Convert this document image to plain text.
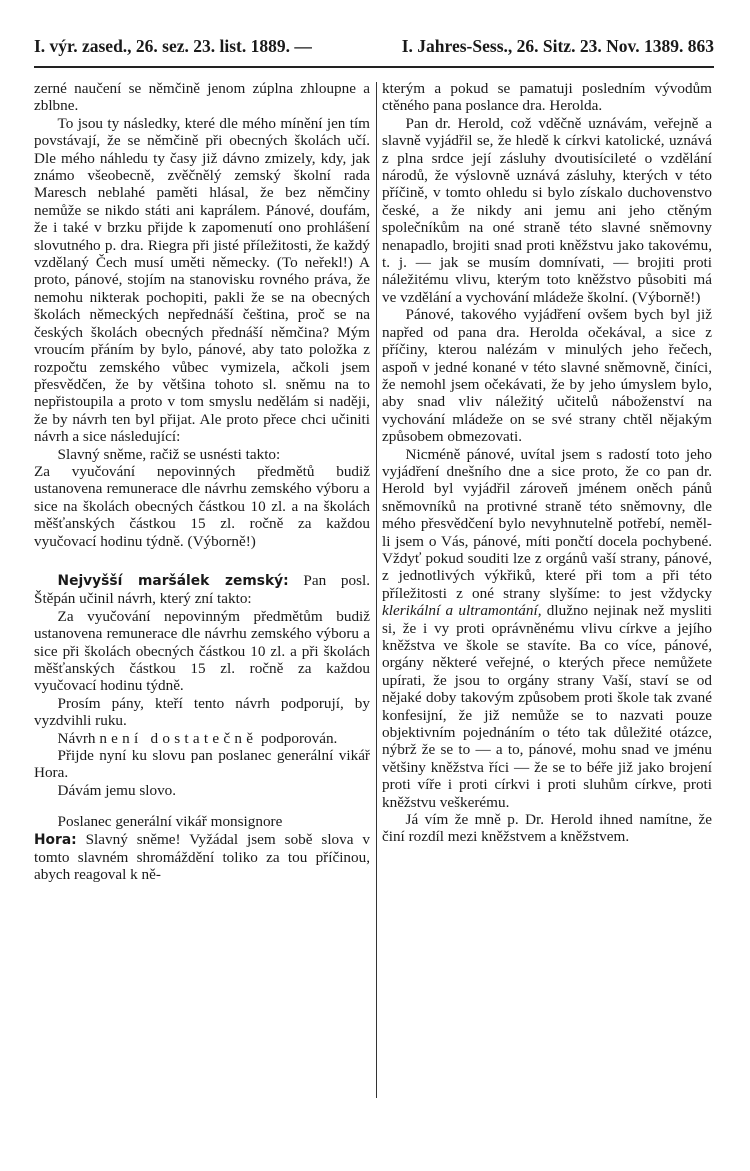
I. výr. zased., 26. sez. 23. list. 1889. —	I. Jahres-Sess., 26. Sitz. 23. Nov. 1389. 863

zerné naučení se němčině jenom zúplna zhloupne a zblbne.

To jsou ty následky, které dle mého mínění jen tím povstávají, že se němčině při obecných školách učí. Dle mého náhledu ty časy již dávno zmizely, kdy, jak známo všeobecně, zvěčnělý zemský školní rada Maresch neblahé paměti hlásal, že bez němčiny nemůže se nikdo státi ani kaprálem. Pánové, doufám, že i také v brzku přijde k zapomenutí ono prohlášení slovutného p. dra. Riegra při jisté příležitosti, že každý vzdělaný Čech musí uměti německy. (To neřekl!) A proto, pánové, stojím na stanovisku rovného práva, že nemohu nikterak pochopiti, pakli že se na obecných školách německých nepřednáší čeština, proč se na českých školách obecných přednáší němčina? Mým vroucím přáním by bylo, pánové, aby tato položka z rozpočtu zemského vůbec vymizela, ačkoli jsem přesvědčen, že by většina tohoto sl. sněmu na to nepřistoupila a proto v tom smyslu nedělám si naději, že by návrh ten byl přijat. Ale proto přece chci učiniti návrh a sice následující:

Slavný sněme, račiž se usnésti takto:

Za vyučování nepovinných předmětů budiž ustanovena remunerace dle návrhu zemského výboru a sice na školách obecných částkou 10 zl. a na školách měšťanských částkou 15 zl. ročně za každou vyučovací hodinu týdně. (Výborně!)

Nejvyšší maršálek zemský: Pan posl. Štěpán učinil návrh, který zní takto:

Za vyučování nepovinným předmětům budiž ustanovena remunerace dle návrhu zemského výboru a sice při školách obecných částkou 10 zl. a při školách měšťanských částkou 15 zl. ročně za každou vyučovací hodinu týdně.

Prosím pány, kteří tento návrh podporují, by vyzdvihli ruku.

Návrh není dostatečně podporován.

Přijde nyní ku slovu pan poslanec generální vikář Hora.

Dávám jemu slovo.

Poslanec generální vikář monsignore
Hora: Slavný sněme! Vyžádal jsem sobě slova v tomto slavném shromáždění toliko za tou příčinou, abych reagoval k ně-

kterým a pokud se pamatuji posledním vývodům ctěného pana poslance dra. Herolda.

Pan dr. Herold, což vděčně uznávám, veřejně a slavně vyjádřil se, že hledě k církvi katolické, uznává z plna srdce její zásluhy dvoutisícileté o vzdělání národů, že výslovně uznává zásluhy, kterých v této příčině, v tomto ohledu si bylo získalo duchovenstvo české, a že nikdy ani jemu ani jeho ctěným společníkům na oné straně této slavné sněmovny nenapadlo, brojiti snad proti kněžstvu jako takovému, t. j. — jak se musím domnívati, — brojiti proti náležitému vlivu, kterým toto kněžstvo působiti má ve vzdělání a vychování mládeže školní. (Výborně!)

Pánové, takového vyjádření ovšem bych byl již napřed od pana dra. Herolda očekával, a sice z příčiny, kterou nalézám v minulých jeho řečech, aspoň v jedné konané v této slavné sněmovně, činíci, že nemohl jsem očekávati, že by jeho úmyslem bylo, aby snad vliv náležitý učitelů náboženství na vychování mládeže on se své strany chtěl nějakým způsobem obmezovati.

Nicméně pánové, uvítal jsem s radostí toto jeho vyjádření dnešního dne a sice proto, že co pan dr. Herold byl vyjádřil zároveň jménem oněch pánů sněmovníků na protivné straně této sněmovny, dle mého přesvědčení bylo nevyhnutelně potřebí, neměl-li jsem o Vás, pánové, míti pončtí docela pochybené. Vždyť pokud souditi lze z orgánů vaší strany, pánové, z jednotlivých výkřiků, které při tom a při této příležitosti z oné strany slyšíme: to jest vždycky klerikální a ultramontání, dlužno nejinak než mysliti si, že i vy proti oprávněnému vlivu církve a jejího kněžstva ve škole se stavíte. Ba co více, pánové, orgány některé veřejné, o kterých přece nemůžete upírati, že jsou to orgány strany Vaší, staví se od nějaké doby takovým způsobem proti škole tak zvané konfesijní, že již nemůže se to nazvati pouze objektivním pojednáním o této tak důležité otázce, nýbrž že se to — a to, pánové, mohu snad ve jménu většiny kněžstva říci — že se to béře již jako brojení proti víře i proti církvi i proti sluhům církve, proti kněžstvu veškerému.

Já vím že mně p. Dr. Herold ihned namítne, že činí rozdíl mezi kněžstvem a kněžstvem.
